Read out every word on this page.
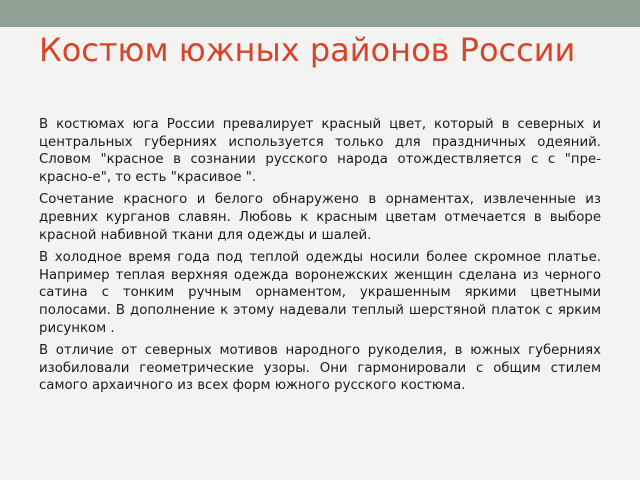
Костюм южных районов России

В костюмах юга России превалирует красный цвет, который в северных и центральных губерниях используется только для праздничных одеяний. Словом "красное в сознании русского народа отождествляется с с "пре-красно-е", то есть "красивое ".

Сочетание красного и белого обнаружено в орнаментах, извлеченные из древних курганов славян. Любовь к красным цветам отмечается в выборе красной набивной ткани для одежды и шалей.

В холодное время года под теплой одежды носили более скромное платье. Например теплая верхняя одежда воронежских женщин сделана из черного сатина с тонким ручным орнаментом, украшенным яркими цветными полосами. В дополнение к этому надевали теплый шерстяной платок с ярким рисунком .

В отличие от северных мотивов народного рукоделия, в южных губерниях изобиловали геометрические узоры. Они гармонировали с общим стилем самого архаичного из всех форм южного русского костюма.
